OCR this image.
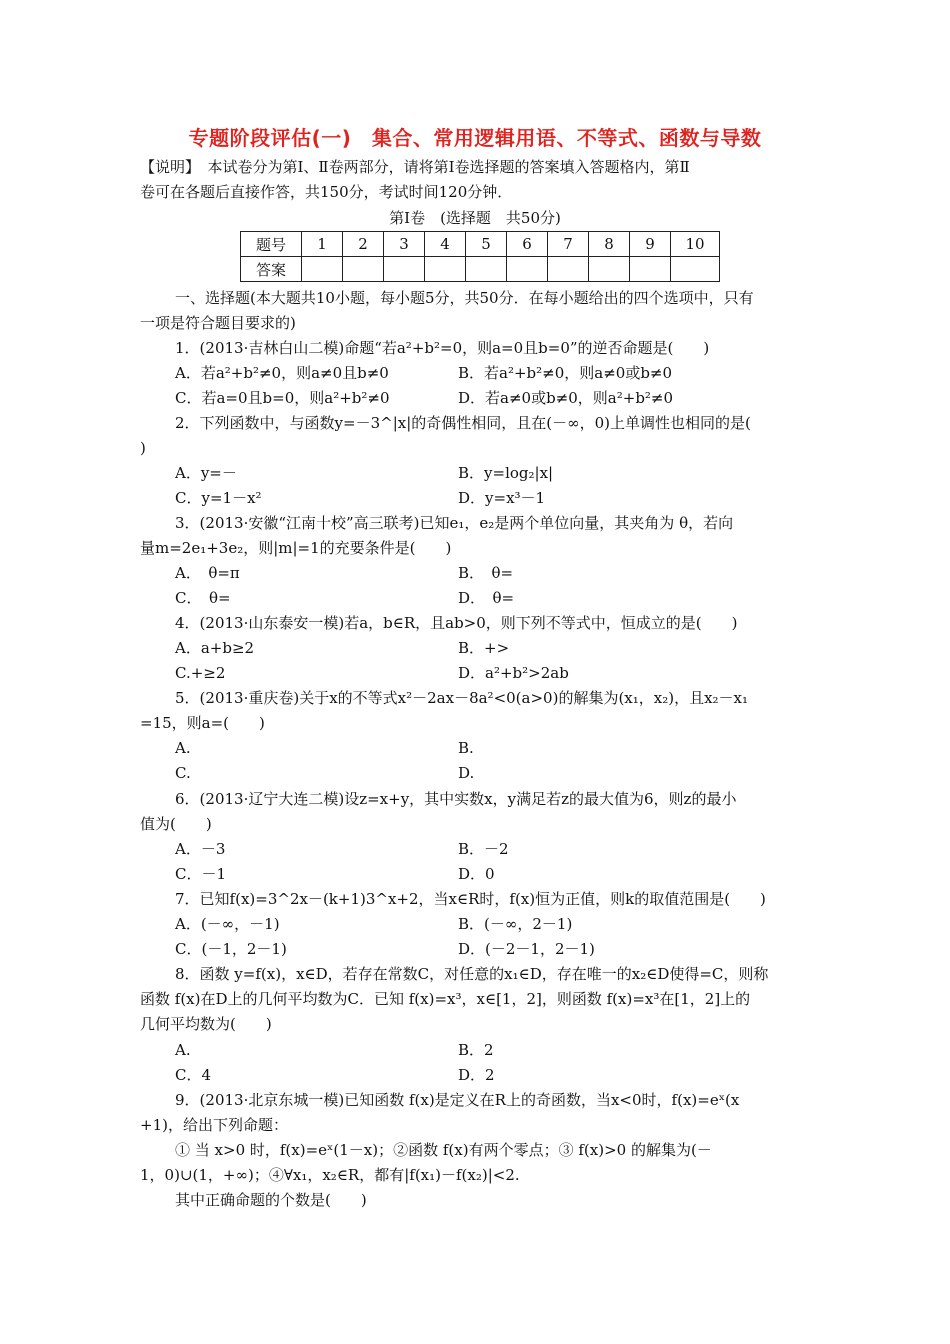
专题阶段评估(一)　集合、常用逻辑用语、不等式、函数与导数
【说明】　本试卷分为第Ⅰ、Ⅱ卷两部分，请将第Ⅰ卷选择题的答案填入答题格内，第Ⅱ
卷可在各题后直接作答，共150分，考试时间120分钟．
第Ⅰ卷　(选择题　共50分)
题号	1	2	3	4	5	6	7	8	9	10
答案										
一、选择题(本大题共10小题，每小题5分，共50分．在每小题给出的四个选项中，只有
一项是符合题目要求的)
1．(2013·吉林白山二模)命题“若a²+b²=0，则a=0且b=0”的逆否命题是(　　)
A．若a²+b²≠0，则a≠0且b≠0	B．若a²+b²≠0，则a≠0或b≠0
C．若a=0且b=0，则a²+b²≠0	D．若a≠0或b≠0，则a²+b²≠0
2．下列函数中，与函数y=－3^|x|的奇偶性相同，且在(－∞，0)上单调性也相同的是(
)
A．y=－	B．y=log₂|x|
C．y=1－x²	D．y=x³－1
3．(2013·安徽“江南十校”高三联考)已知e₁，e₂是两个单位向量，其夹角为 θ，若向
量m=2e₁+3e₂，则|m|=1的充要条件是(　　)
A．　θ=π	B．　θ=
C．　θ=	D．　θ=
4．(2013·山东泰安一模)若a，b∈R，且ab>0，则下列不等式中，恒成立的是(　　)
A．a+b≥2	B．+>
C.+≥2	D．a²+b²>2ab
5．(2013·重庆卷)关于x的不等式x²－2ax－8a²<0(a>0)的解集为(x₁，x₂)，且x₂－x₁
=15，则a=(　　)
A.	B.
C.	D.
6．(2013·辽宁大连二模)设z=x+y，其中实数x，y满足若z的最大值为6，则z的最小
值为(　　)
A．－3	B．－2
C．－1	D．0
7．已知f(x)=3^2x－(k+1)3^x+2，当x∈R时，f(x)恒为正值，则k的取值范围是(　　)
A．(－∞，－1)	B．(－∞，2－1)
C．(－1，2－1)	D．(－2－1，2－1)
8．函数 y=f(x)，x∈D，若存在常数C，对任意的x₁∈D，存在唯一的x₂∈D使得=C，则称
函数 f(x)在D上的几何平均数为C．已知 f(x)=x³，x∈[1，2]，则函数 f(x)=x³在[1，2]上的
几何平均数为(　　)
A.	B．2
C．4	D．2
9．(2013·北京东城一模)已知函数 f(x)是定义在R上的奇函数，当x<0时，f(x)=eˣ(x
+1)，给出下列命题：
① 当 x>0 时，f(x)=eˣ(1－x)；②函数 f(x)有两个零点；③ f(x)>0 的解集为(－
1，0)∪(1，+∞)；④∀x₁，x₂∈R，都有|f(x₁)－f(x₂)|<2.
其中正确命题的个数是(　　)
